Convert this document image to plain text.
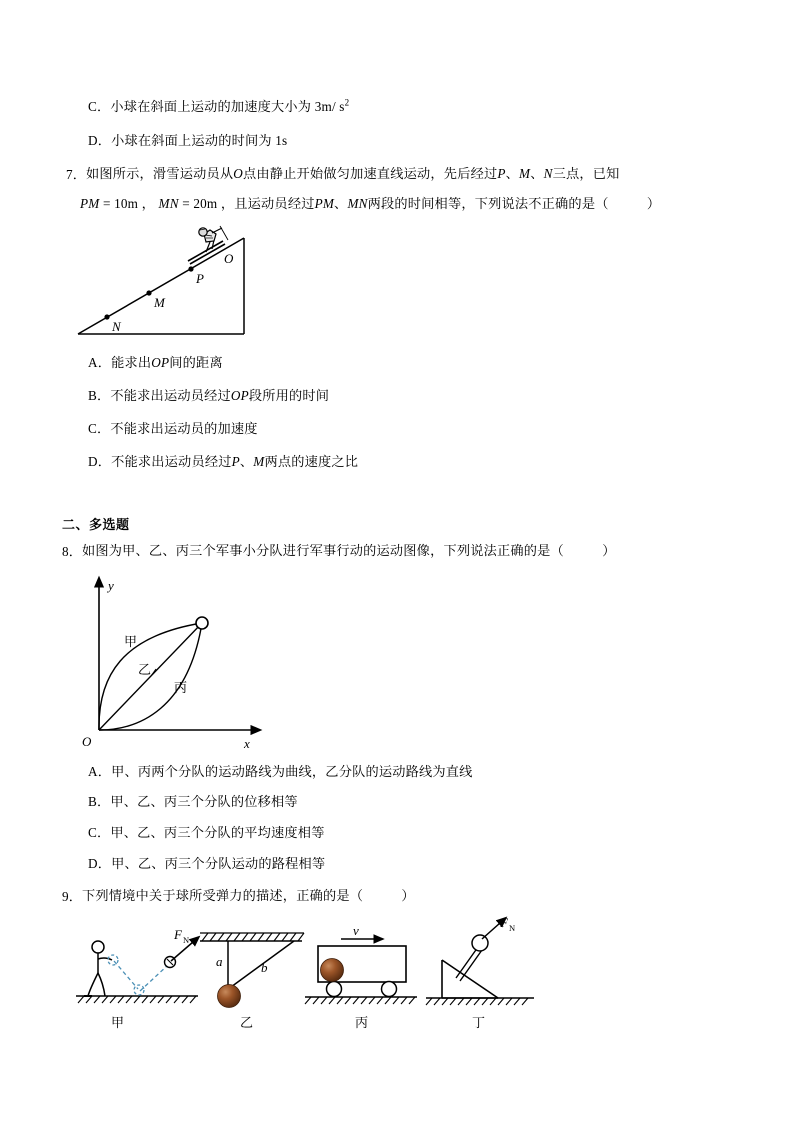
C．小球在斜面上运动的加速度大小为 3m/ $s^2$
D．小球在斜面上运动的时间为 1s
7． 如图所示，滑雪运动员从O点由静止开始做匀加速直线运动，先后经过P、M、N三点，已知
PM = 10m ， MN = 20m ，且运动员经过PM、MN两段的时间相等，下列说法不正确的是（	）
N
M
P
O
A．能求出OP间的距离
B．不能求出运动员经过OP段所用的时间
C．不能求出运动员的加速度
D．不能求出运动员经过P、M两点的速度之比
二、多选题
8． 如图为甲、乙、丙三个军事小分队进行军事行动的运动图像，下列说法正确的是（	）
y
x
O
甲
乙
丙
A．甲、丙两个分队的运动路线为曲线，乙分队的运动路线为直线
B．甲、乙、丙三个分队的位移相等
C．甲、乙、丙三个分队的平均速度相等
D．甲、乙、丙三个分队运动的路程相等
9． 下列情境中关于球所受弹力的描述，正确的是（	）
F N
甲
a	b
乙
v
丙
F N
丁
